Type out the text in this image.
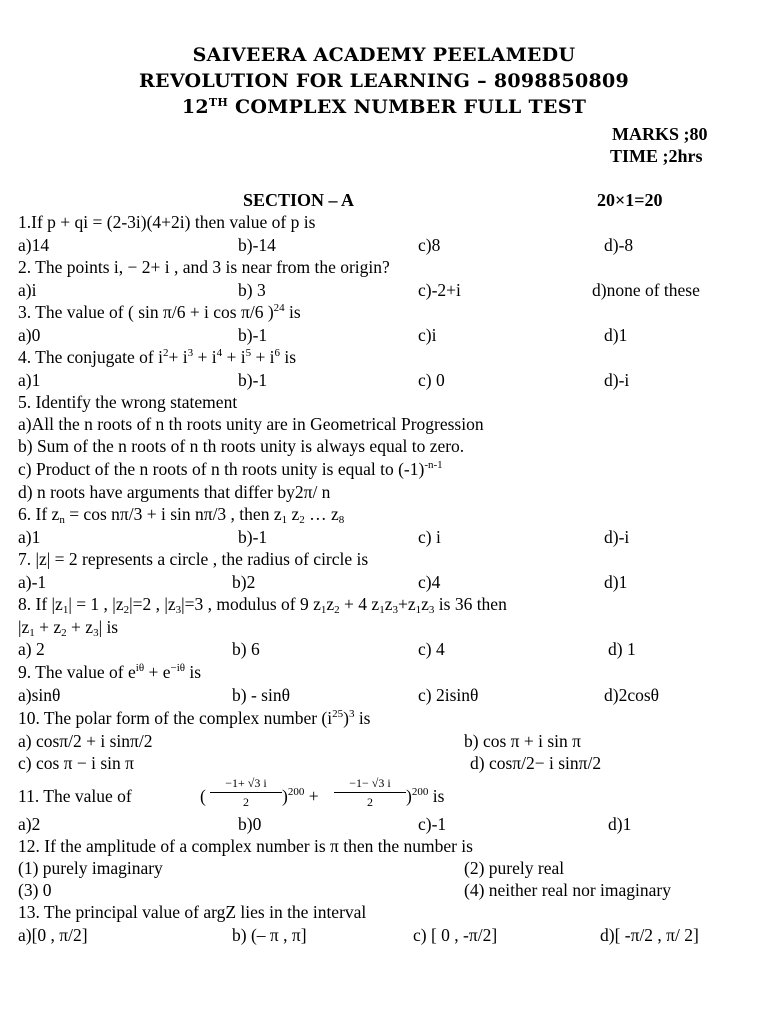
SAIVEERA ACADEMY PEELAMEDU
REVOLUTION FOR LEARNING – 8098850809
12TH COMPLEX NUMBER FULL TEST
MARKS ;80
TIME ;2hrs
SECTION – A	20×1=20
1.If p + qi = (2-3i)(4+2i) then value of p is
a)14	b)-14	c)8	d)-8
2. The points i, − 2+ i , and 3 is near from the origin?
a)i	b) 3	c)-2+i	d)none of these
3. The value of ( sin π/6 + i cos π/6 )$^{24}$ is
a)0	b)-1	c)i	d)1
4. The conjugate of $i^2+ i^3 + i^4 + i^5 + i^6$ is
a)1	b)-1	c) 0	d)-i
5. Identify the wrong statement
a)All the n roots of n th roots unity are in Geometrical Progression
b) Sum of the n roots of n th roots unity is always equal to zero.
c) Product of the n roots of n th roots unity is equal to $(-1)^{-n-1}$
d) n roots have arguments that differ by2π/ n
6. If $z_n = \cos n\pi/3 + i$ sin nπ/3 , then $z_1$ $z_2$ … $z_8$
a)1	b)-1	c) i	d)-i
7. |z| = 2 represents a circle , the radius of circle is
a)-1	b)2	c)4	d)1
8. If $|z_1| = 1$ , $|z_2|=2$ , $|z_3|=3$ , modulus of 9 $z_1z_2 + 4$ $z_1z_3+z_1z_3$ is 36 then
$|z_1 + z_2 + z_3|$ is
a) 2	b) 6	c) 4	d) 1
9. The value of $e^{i\theta} + e^{-i\theta}$ is
a)sinθ	b) - sinθ	c) 2isinθ	d)2cosθ
10. The polar form of the complex number $(i^{25})^3$ is
a) cosπ/2 + i sinπ/2	b) cos π + i sin π
c) cos π − i sin π	d) cosπ/2− i sinπ/2
11. The value of	( $\frac{-1+ √3 i}{2} )^{200} + \frac{-1- √3 i}{2} )^{200}$ is
a)2	b)0	c)-1	d)1
12. If the amplitude of a complex number is π then the number is
(1) purely imaginary	(2) purely real
(3) 0	(4) neither real nor imaginary
13. The principal value of argZ lies in the interval
a)[0 , π/2]	b) (– π , π]	c) [ 0 , -π/2]	d)[ -π/2 , π/ 2]
